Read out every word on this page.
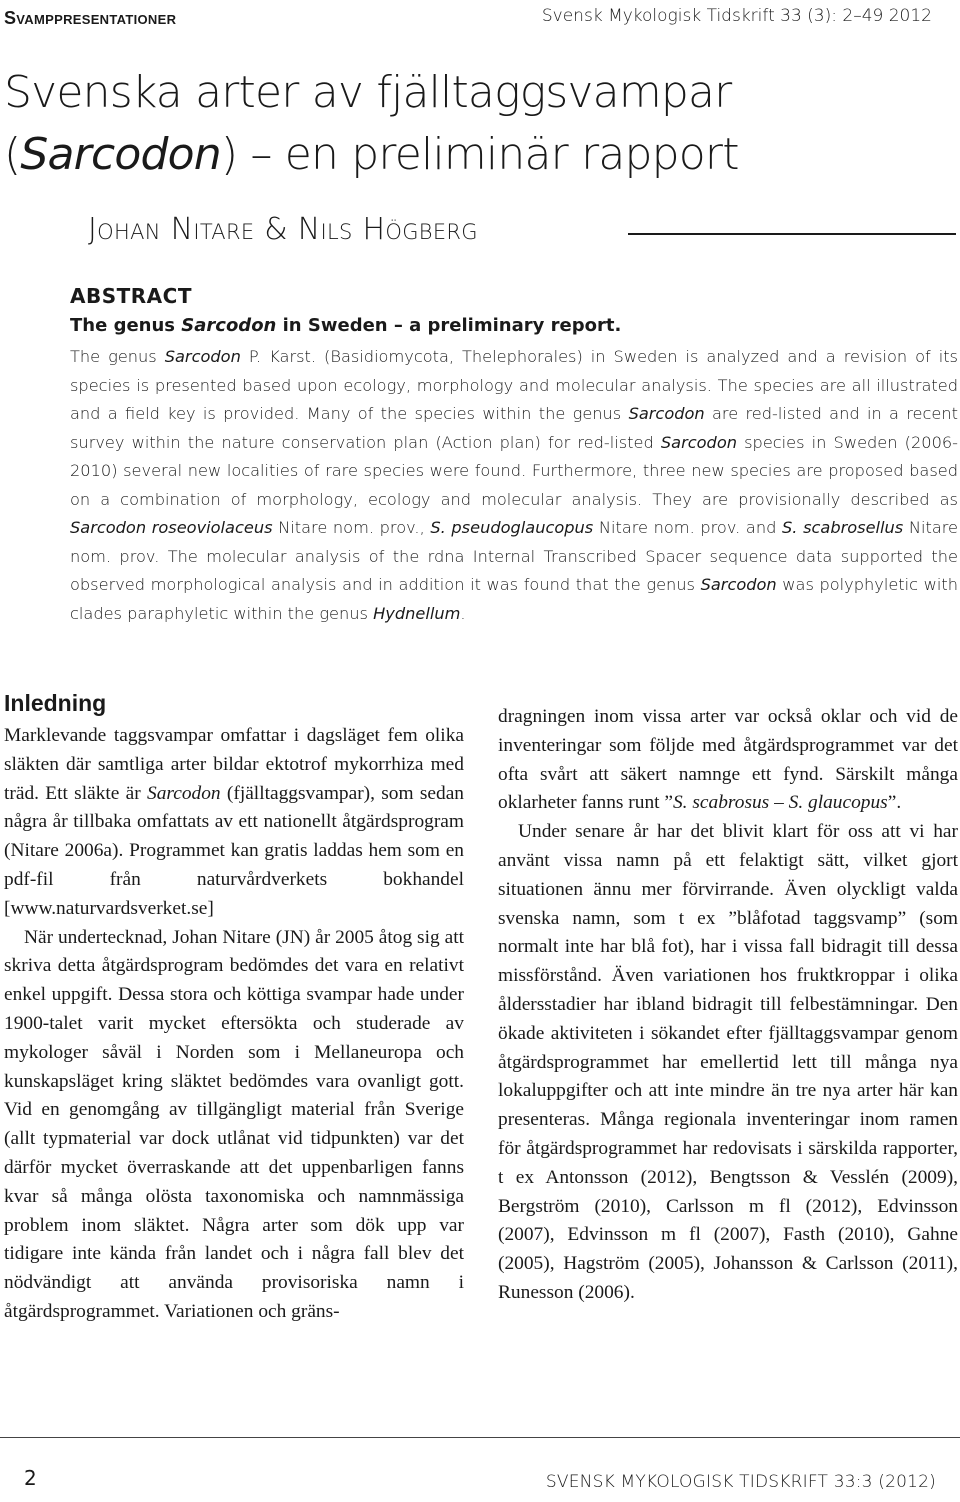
Svamppresentationer	Svensk Mykologisk Tidskrift 33 (3): 2–49 2012
Svenska arter av fjälltaggsvampar
(Sarcodon) – en preliminär rapport
Johan Nitare & Nils Högberg
ABSTRACT
The genus Sarcodon in Sweden – a preliminary report.

The genus Sarcodon P. Karst. (Basidiomycota, Thelephorales) in Sweden is analyzed and a revision of its species is presented based upon ecology, morphology and molecular analysis. The species are all illustrated and a field key is provided. Many of the species within the genus Sarcodon are red-listed and in a recent survey within the nature conservation plan (Action plan) for red-listed Sarcodon species in Sweden (2006-2010) several new localities of rare species were found. Furthermore, three new species are proposed based on a combination of morphology, ecology and molecular analysis. They are provisionally described as Sarcodon roseoviolaceus Nitare nom. prov., S. pseudoglaucopus Nitare nom. prov. and S. scabrosellus Nitare nom. prov. The molecular analysis of the rdna Internal Transcribed Spacer sequence data supported the observed morphological analysis and in addition it was found that the genus Sarcodon was polyphyletic with clades paraphyletic within the genus Hydnellum.

Inledning

Marklevande taggsvampar omfattar i dagsläget fem olika släkten där samtliga arter bildar ektotrof mykorrhiza med träd. Ett släkte är Sarcodon (fjälltaggsvampar), som sedan några år tillbaka omfattats av ett nationellt åtgärdsprogram (Nitare 2006a). Programmet kan gratis laddas hem som en pdf-fil från naturvårdverkets bokhandel [www.naturvardsverket.se]

När undertecknad, Johan Nitare (JN) år 2005 åtog sig att skriva detta åtgärdsprogram bedömdes det vara en relativt enkel uppgift. Dessa stora och köttiga svampar hade under 1900-talet varit mycket eftersökta och studerade av mykologer såväl i Norden som i Mellaneuropa och kunskapsläget kring släktet bedömdes vara ovanligt gott. Vid en genomgång av tillgängligt material från Sverige (allt typmaterial var dock utlånat vid tidpunkten) var det därför mycket överraskande att det uppenbarligen fanns kvar så många olösta taxonomiska och namnmässiga problem inom släktet. Några arter som dök upp var tidigare inte kända från landet och i några fall blev det nödvändigt att använda provisoriska namn i åtgärdsprogrammet. Variationen och gräns-

dragningen inom vissa arter var också oklar och vid de inventeringar som följde med åtgärdsprogrammet var det ofta svårt att säkert namnge ett fynd. Särskilt många oklarheter fanns runt ”S. scabrosus – S. glaucopus”.

Under senare år har det blivit klart för oss att vi har använt vissa namn på ett felaktigt sätt, vilket gjort situationen ännu mer förvirrande. Även olyckligt valda svenska namn, som t ex ”blåfotad taggsvamp” (som normalt inte har blå fot), har i vissa fall bidragit till dessa missförstånd. Även variationen hos fruktkroppar i olika åldersstadier har ibland bidragit till felbestämningar. Den ökade aktiviteten i sökandet efter fjälltaggsvampar genom åtgärdsprogrammet har emellertid lett till många nya lokaluppgifter och att inte mindre än tre nya arter här kan presenteras. Många regionala inventeringar inom ramen för åtgärdsprogrammet har redovisats i särskilda rapporter, t ex Antonsson (2012), Bengtsson & Vesslén (2009), Bergström (2010), Carlsson m fl (2012), Edvinsson (2007), Edvinsson m fl (2007), Fasth (2010), Gahne (2005), Hagström (2005), Johansson & Carlsson (2011), Runesson (2006).

2	SVENSK MYKOLOGISK TIDSKRIFT 33:3 (2012)
